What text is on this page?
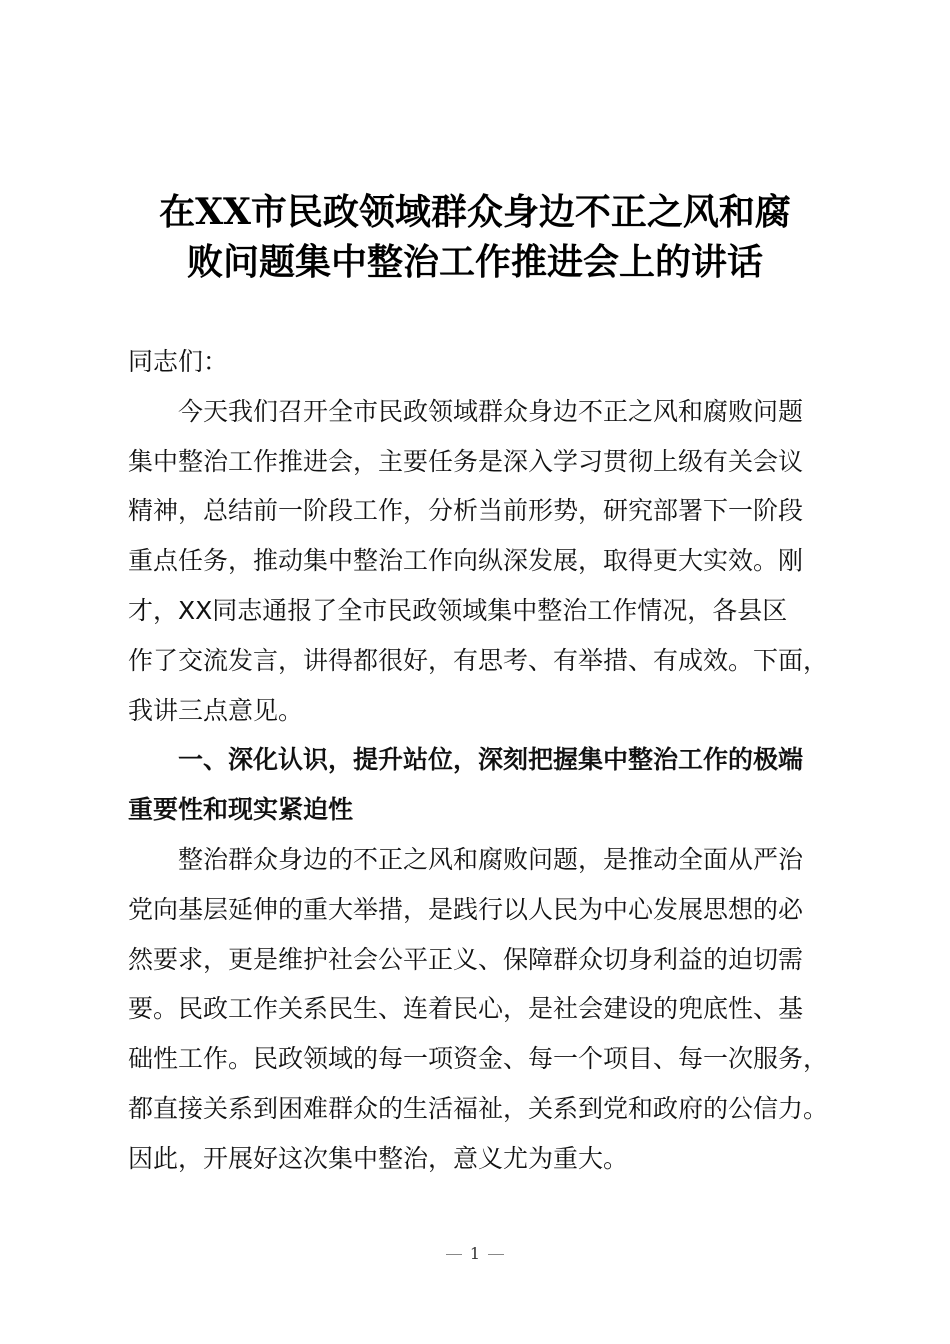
在XX市民政领域群众身边不正之风和腐
败问题集中整治工作推进会上的讲话
同志们：
今天我们召开全市民政领域群众身边不正之风和腐败问题
集中整治工作推进会，主要任务是深入学习贯彻上级有关会议
精神，总结前一阶段工作，分析当前形势，研究部署下一阶段
重点任务，推动集中整治工作向纵深发展，取得更大实效。刚
才，XX同志通报了全市民政领域集中整治工作情况，各县区
作了交流发言，讲得都很好，有思考、有举措、有成效。下面，
我讲三点意见。
一、深化认识，提升站位，深刻把握集中整治工作的极端
重要性和现实紧迫性
整治群众身边的不正之风和腐败问题，是推动全面从严治
党向基层延伸的重大举措，是践行以人民为中心发展思想的必
然要求，更是维护社会公平正义、保障群众切身利益的迫切需
要。民政工作关系民生、连着民心，是社会建设的兜底性、基
础性工作。民政领域的每一项资金、每一个项目、每一次服务，
都直接关系到困难群众的生活福祉，关系到党和政府的公信力。
因此，开展好这次集中整治，意义尤为重大。
1
